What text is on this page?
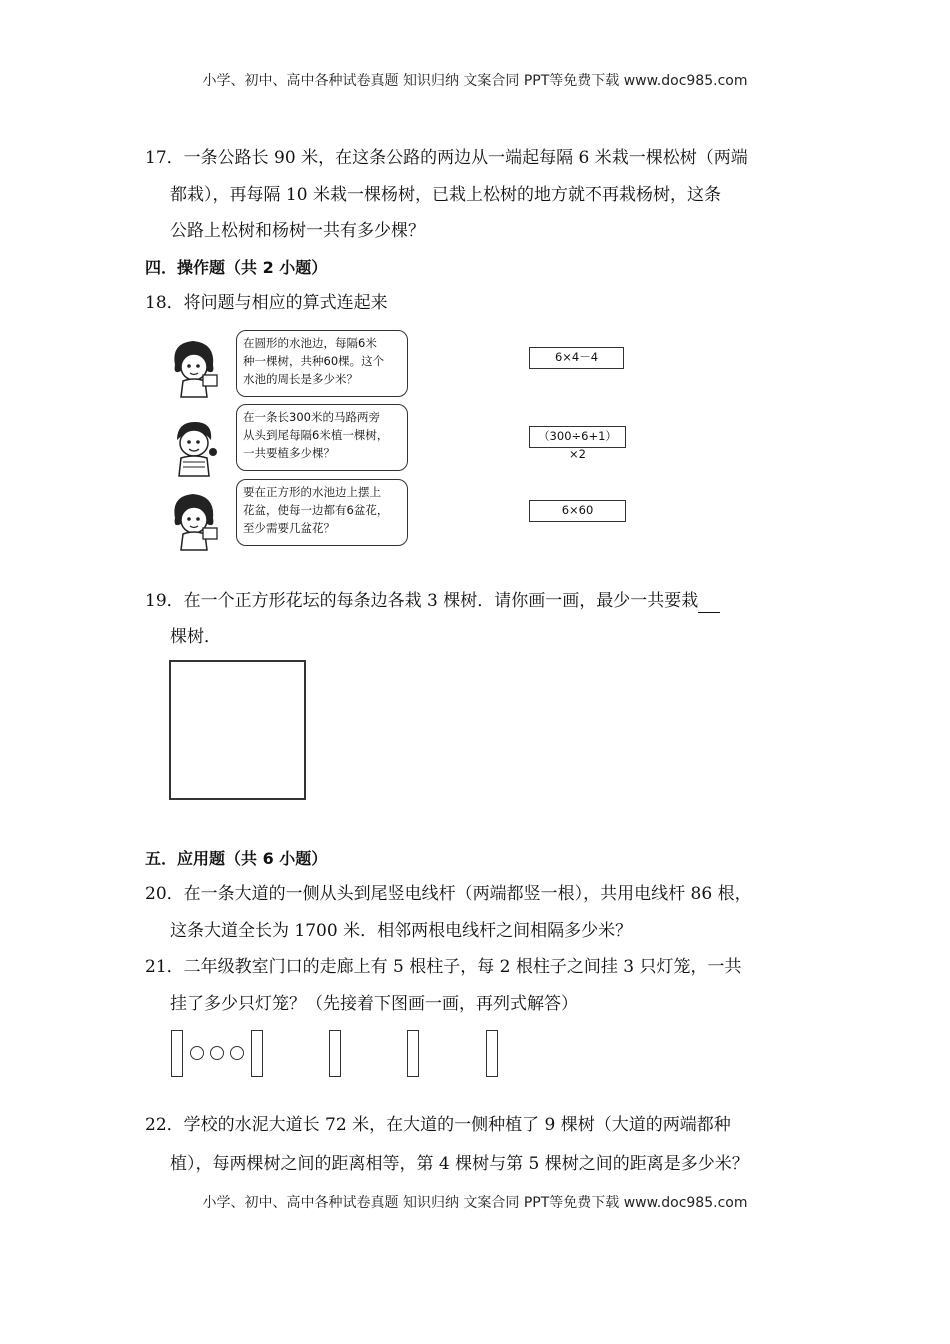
小学、初中、高中各种试卷真题 知识归纳 文案合同 PPT等免费下载 www.doc985.com
17．一条公路长 90 米，在这条公路的两边从一端起每隔 6 米栽一棵松树（两端
都栽），再每隔 10 米栽一棵杨树，已栽上松树的地方就不再栽杨树，这条
公路上松树和杨树一共有多少棵？
四．操作题（共 2 小题）
18．将问题与相应的算式连起来
在圆形的水池边，每隔6米
种一棵树，共种60棵。这个
水池的周长是多少米？
在一条长300米的马路两旁
从头到尾每隔6米植一棵树，
一共要植多少棵？
要在正方形的水池边上摆上
花盆，使每一边都有6盆花，
至少需要几盆花？
6×4－4
（300÷6+1）×2
6×60
19．在一个正方形花坛的每条边各栽 3 棵树．请你画一画，最少一共要栽
棵树．
五．应用题（共 6 小题）
20．在一条大道的一侧从头到尾竖电线杆（两端都竖一根），共用电线杆 86 根，
这条大道全长为 1700 米．相邻两根电线杆之间相隔多少米？
21．二年级教室门口的走廊上有 5 根柱子，每 2 根柱子之间挂 3 只灯笼，一共
挂了多少只灯笼？（先接着下图画一画，再列式解答）
22．学校的水泥大道长 72 米，在大道的一侧种植了 9 棵树（大道的两端都种
植），每两棵树之间的距离相等，第 4 棵树与第 5 棵树之间的距离是多少米？
小学、初中、高中各种试卷真题 知识归纳 文案合同 PPT等免费下载 www.doc985.com
